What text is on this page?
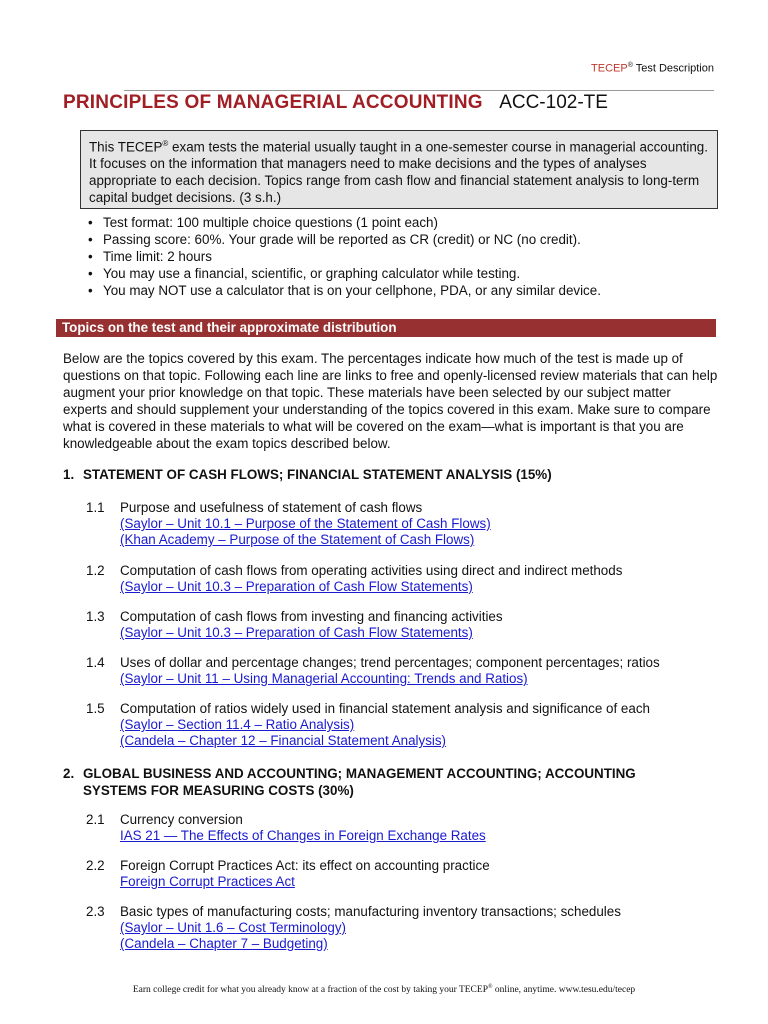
TECEP® Test Description
PRINCIPLES OF MANAGERIAL ACCOUNTING ACC-102-TE
This TECEP® exam tests the material usually taught in a one-semester course in managerial accounting. It focuses on the information that managers need to make decisions and the types of analyses appropriate to each decision. Topics range from cash flow and financial statement analysis to long-term capital budget decisions. (3 s.h.)
• Test format: 100 multiple choice questions (1 point each)
• Passing score: 60%. Your grade will be reported as CR (credit) or NC (no credit).
• Time limit: 2 hours
• You may use a financial, scientific, or graphing calculator while testing.
• You may NOT use a calculator that is on your cellphone, PDA, or any similar device.
Topics on the test and their approximate distribution
Below are the topics covered by this exam. The percentages indicate how much of the test is made up of questions on that topic. Following each line are links to free and openly-licensed review materials that can help augment your prior knowledge on that topic. These materials have been selected by our subject matter experts and should supplement your understanding of the topics covered in this exam. Make sure to compare what is covered in these materials to what will be covered on the exam—what is important is that you are knowledgeable about the exam topics described below.
1. STATEMENT OF CASH FLOWS; FINANCIAL STATEMENT ANALYSIS (15%)
1.1	Purpose and usefulness of statement of cash flows
(Saylor – Unit 10.1 – Purpose of the Statement of Cash Flows)
(Khan Academy – Purpose of the Statement of Cash Flows)
1.2	Computation of cash flows from operating activities using direct and indirect methods
(Saylor – Unit 10.3 – Preparation of Cash Flow Statements)
1.3	Computation of cash flows from investing and financing activities
(Saylor – Unit 10.3 – Preparation of Cash Flow Statements)
1.4	Uses of dollar and percentage changes; trend percentages; component percentages; ratios
(Saylor – Unit 11 – Using Managerial Accounting: Trends and Ratios)
1.5	Computation of ratios widely used in financial statement analysis and significance of each
(Saylor – Section 11.4 – Ratio Analysis)
(Candela – Chapter 12 – Financial Statement Analysis)
2. GLOBAL BUSINESS AND ACCOUNTING; MANAGEMENT ACCOUNTING; ACCOUNTING SYSTEMS FOR MEASURING COSTS (30%)
2.1	Currency conversion
IAS 21 — The Effects of Changes in Foreign Exchange Rates
2.2	Foreign Corrupt Practices Act: its effect on accounting practice
Foreign Corrupt Practices Act
2.3	Basic types of manufacturing costs; manufacturing inventory transactions; schedules
(Saylor – Unit 1.6 – Cost Terminology)
(Candela – Chapter 7 – Budgeting)
Earn college credit for what you already know at a fraction of the cost by taking your TECEP® online, anytime. www.tesu.edu/tecep
